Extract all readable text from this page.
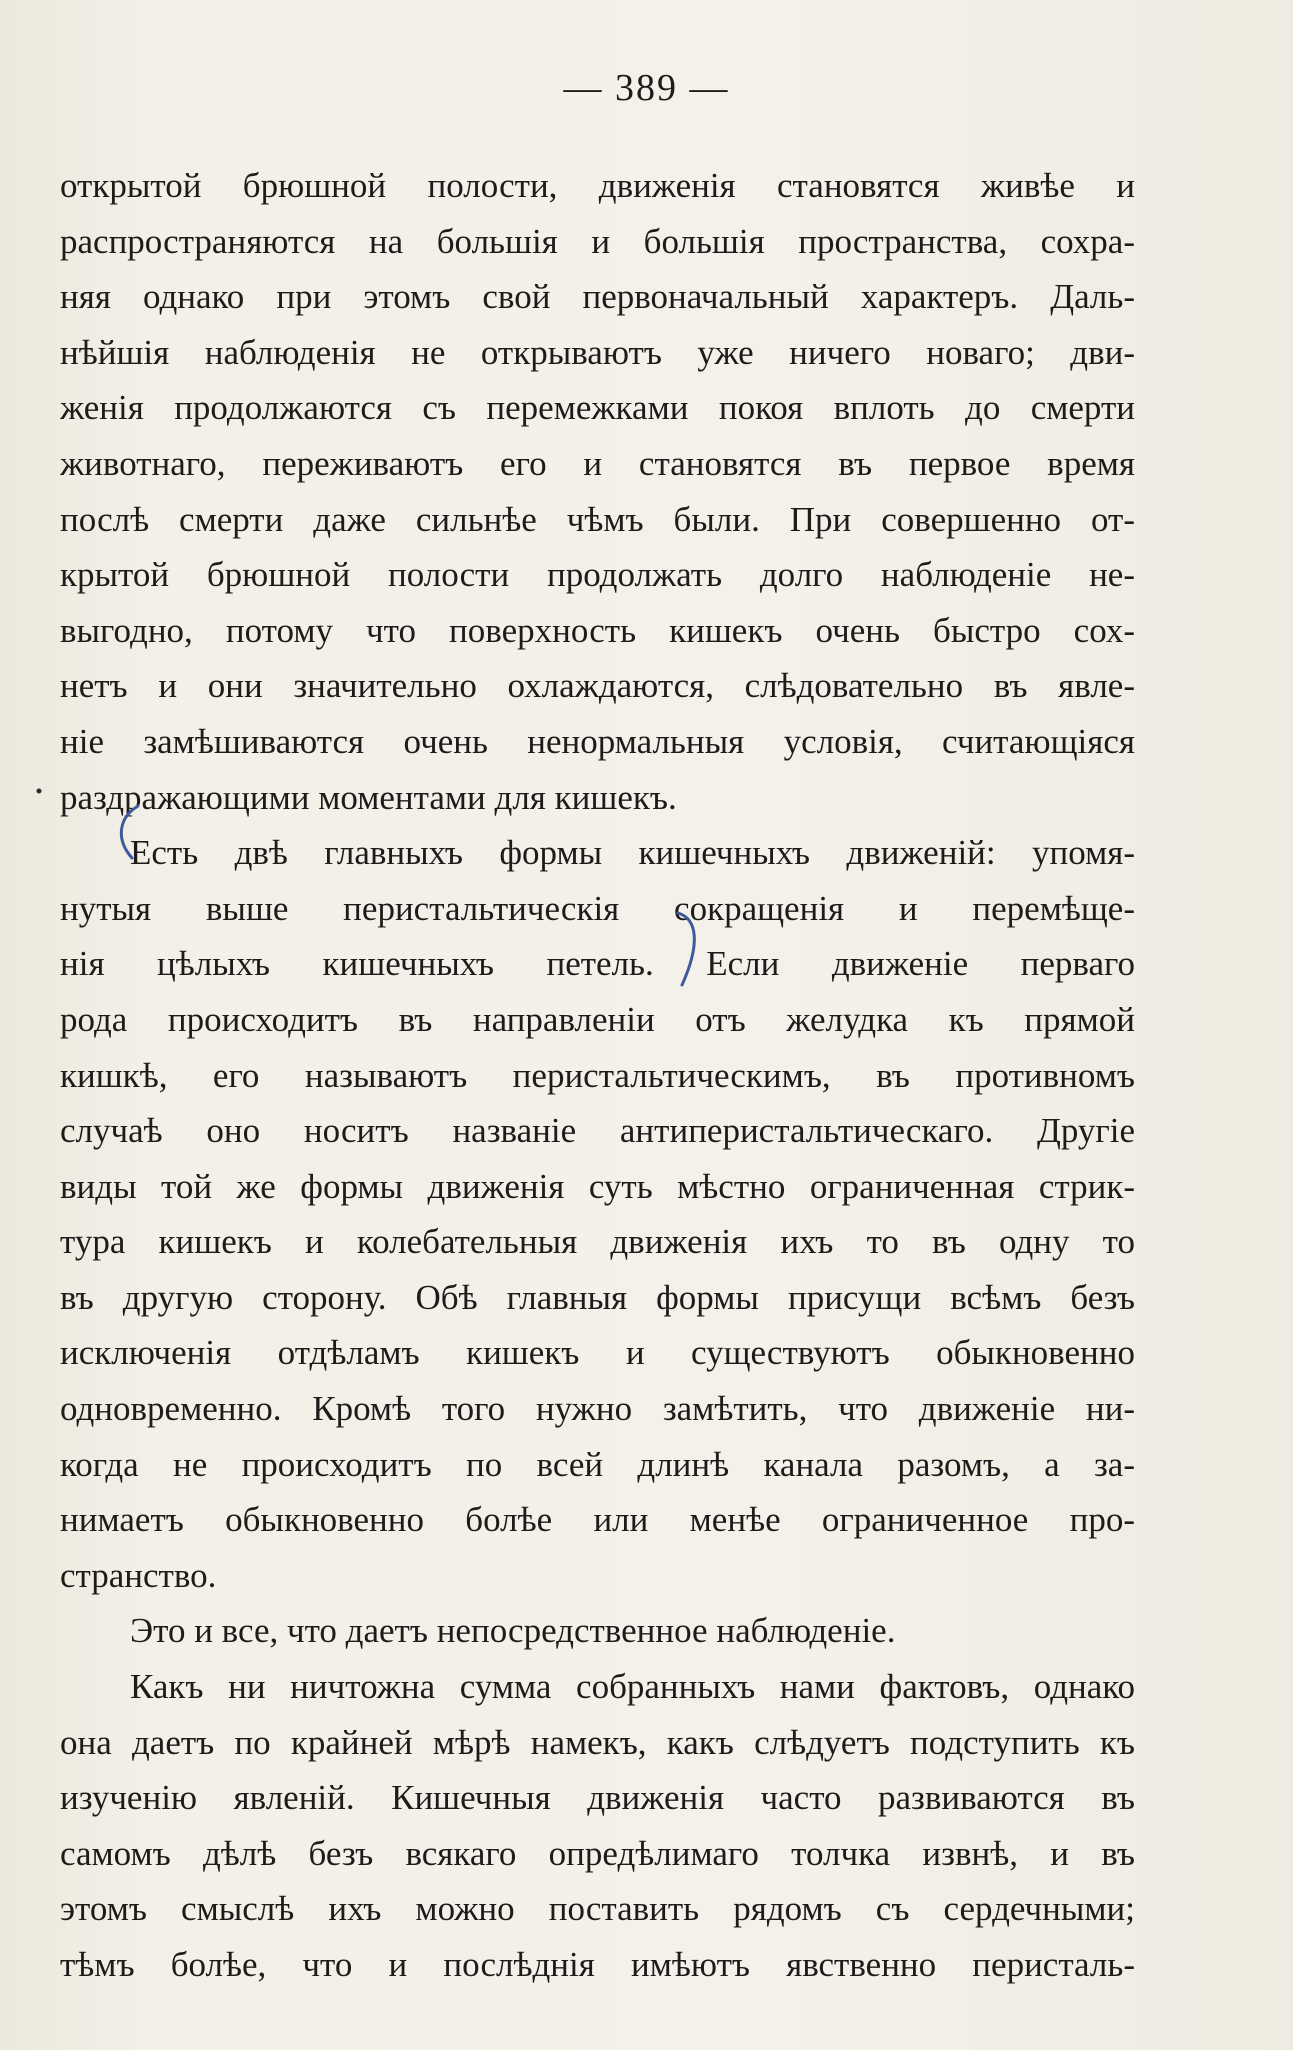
— 389 —
открытой брюшной полости, движенія становятся живѣе и
распространяются на большія и большія пространства, сохра-
няя однако при этомъ свой первоначальный характеръ. Даль-
нѣйшія наблюденія не открываютъ уже ничего новаго; дви-
женія продолжаются съ перемежками покоя вплоть до смерти
животнаго, переживаютъ его и становятся въ первое время
послѣ смерти даже сильнѣе чѣмъ были. При совершенно от-
крытой брюшной полости продолжать долго наблюденіе не-
выгодно, потому что поверхность кишекъ очень быстро сох-
нетъ и они значительно охлаждаются, слѣдовательно въ явле-
ніе замѣшиваются очень ненормальныя условія, считающіяся
раздражающими моментами для кишекъ.
Есть двѣ главныхъ формы кишечныхъ движеній: упомя-
нутыя выше перистальтическія сокращенія и перемѣще-
нія цѣлыхъ кишечныхъ петель. Если движеніе перваго
рода происходитъ въ направленіи отъ желудка къ прямой
кишкѣ, его называютъ перистальтическимъ, въ противномъ
случаѣ оно носитъ названіе антиперистальтическаго. Другіе
виды той же формы движенія суть мѣстно ограниченная стрик-
тура кишекъ и колебательныя движенія ихъ то въ одну то
въ другую сторону. Обѣ главныя формы присущи всѣмъ безъ
исключенія отдѣламъ кишекъ и существуютъ обыкновенно
одновременно. Кромѣ того нужно замѣтить, что движеніе ни-
когда не происходитъ по всей длинѣ канала разомъ, а за-
нимаетъ обыкновенно болѣе или менѣе ограниченное про-
странство.
Это и все, что даетъ непосредственное наблюденіе.
Какъ ни ничтожна сумма собранныхъ нами фактовъ, однако
она даетъ по крайней мѣрѣ намекъ, какъ слѣдуетъ подступить къ
изученію явленій. Кишечныя движенія часто развиваются въ
самомъ дѣлѣ безъ всякаго опредѣлимаго толчка извнѣ, и въ
этомъ смыслѣ ихъ можно поставить рядомъ съ сердечными;
тѣмъ болѣе, что и послѣднія имѣютъ явственно перисталь-
